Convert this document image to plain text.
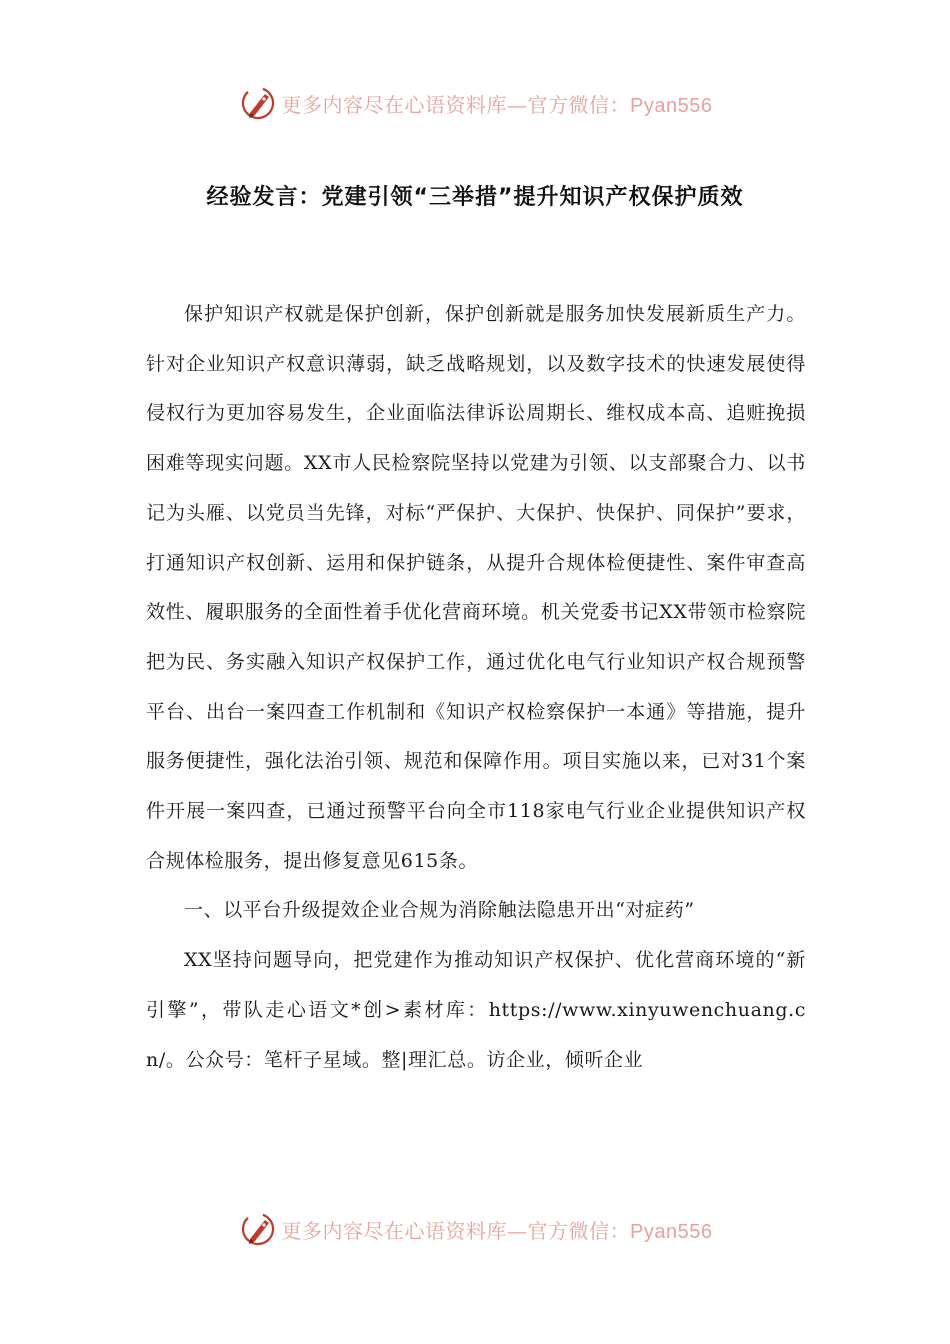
更多内容尽在心语资料库—官方微信：Pyan556
经验发言：党建引领“三举措”提升知识产权保护质效

保护知识产权就是保护创新，保护创新就是服务加快发展新质生产力。针对企业知识产权意识薄弱，缺乏战略规划，以及数字技术的快速发展使得侵权行为更加容易发生，企业面临法律诉讼周期长、维权成本高、追赃挽损困难等现实问题。XX市人民检察院坚持以党建为引领、以支部聚合力、以书记为头雁、以党员当先锋，对标“严保护、大保护、快保护、同保护”要求，打通知识产权创新、运用和保护链条，从提升合规体检便捷性、案件审查高效性、履职服务的全面性着手优化营商环境。机关党委书记XX带领市检察院把为民、务实融入知识产权保护工作，通过优化电气行业知识产权合规预警平台、出台一案四查工作机制和《知识产权检察保护一本通》等措施，提升服务便捷性，强化法治引领、规范和保障作用。项目实施以来，已对31个案件开展一案四查，已通过预警平台向全市118家电气行业企业提供知识产权合规体检服务，提出修复意见615条。

一、以平台升级提效企业合规为消除触法隐患开出“对症药”

XX坚持问题导向，把党建作为推动知识产权保护、优化营商环境的“新引擎”，带队走心语文*创>素材库：https://www.xinyuwenchuang.cn/。公众号：笔杆子星域。整|理汇总。访企业，倾听企业

更多内容尽在心语资料库—官方微信：Pyan556
